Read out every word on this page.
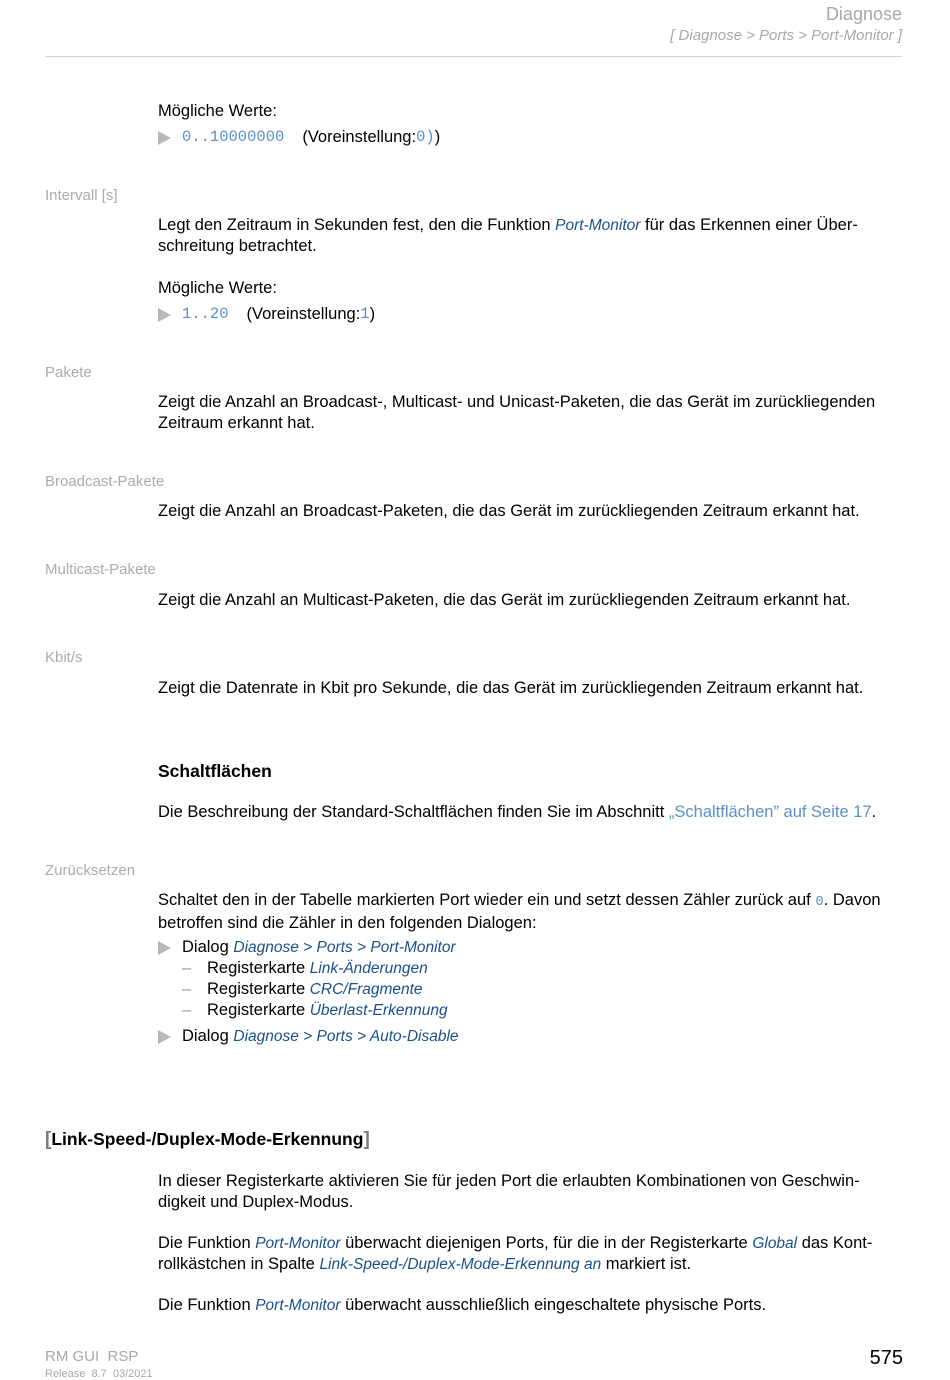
Diagnose
[ Diagnose > Ports > Port-Monitor ]
Mögliche Werte:
0..10000000 (Voreinstellung: 0) )
Intervall [s]
Legt den Zeitraum in Sekunden fest, den die Funktion Port-Monitor für das Erkennen einer Über-
schreitung betrachtet.
Mögliche Werte:
1..20 (Voreinstellung: 1 )
Pakete
Zeigt die Anzahl an Broadcast-, Multicast- und Unicast-Paketen, die das Gerät im zurückliegenden
Zeitraum erkannt hat.
Broadcast-Pakete
Zeigt die Anzahl an Broadcast-Paketen, die das Gerät im zurückliegenden Zeitraum erkannt hat.
Multicast-Pakete
Zeigt die Anzahl an Multicast-Paketen, die das Gerät im zurückliegenden Zeitraum erkannt hat.
Kbit/s
Zeigt die Datenrate in Kbit pro Sekunde, die das Gerät im zurückliegenden Zeitraum erkannt hat.
Schaltflächen
Die Beschreibung der Standard-Schaltflächen finden Sie im Abschnitt „Schaltflächen” auf Seite 17.
Zurücksetzen
Schaltet den in der Tabelle markierten Port wieder ein und setzt dessen Zähler zurück auf 0. Davon
betroffen sind die Zähler in den folgenden Dialogen:
Dialog Diagnose > Ports > Port-Monitor
– Registerkarte Link-Änderungen
– Registerkarte CRC/Fragmente
– Registerkarte Überlast-Erkennung
Dialog Diagnose > Ports > Auto-Disable
[Link-Speed-/Duplex-Mode-Erkennung]
In dieser Registerkarte aktivieren Sie für jeden Port die erlaubten Kombinationen von Geschwin-
digkeit und Duplex-Modus.
Die Funktion Port-Monitor überwacht diejenigen Ports, für die in der Registerkarte Global das Kont-
rollkästchen in Spalte Link-Speed-/Duplex-Mode-Erkennung an markiert ist.
Die Funktion Port-Monitor überwacht ausschließlich eingeschaltete physische Ports.
RM GUI  RSP
Release  8.7  03/2021
575
